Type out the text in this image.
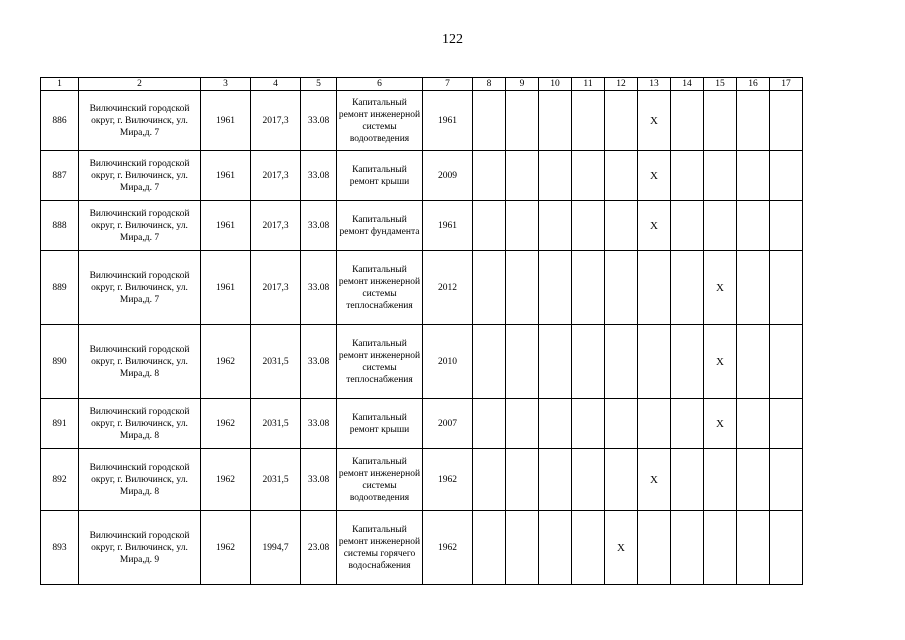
122
1	2	3	4	5	6	7	8	9	10	11	12	13	14	15	16	17
886	Вилючинский городской округ, г. Вилючинск, ул. Мира,д. 7	1961	2017,3	33.08	Капитальный ремонт инженерной системы водоотведения	1961						X				
887	Вилючинский городской округ, г. Вилючинск, ул. Мира,д. 7	1961	2017,3	33.08	Капитальный ремонт крыши	2009						X				
888	Вилючинский городской округ, г. Вилючинск, ул. Мира,д. 7	1961	2017,3	33.08	Капитальный ремонт фундамента	1961						X				
889	Вилючинский городской округ, г. Вилючинск, ул. Мира,д. 7	1961	2017,3	33.08	Капитальный ремонт инженерной системы теплоснабжения	2012								X		
890	Вилючинский городской округ, г. Вилючинск, ул. Мира,д. 8	1962	2031,5	33.08	Капитальный ремонт инженерной системы теплоснабжения	2010								X		
891	Вилючинский городской округ, г. Вилючинск, ул. Мира,д. 8	1962	2031,5	33.08	Капитальный ремонт крыши	2007								X		
892	Вилючинский городской округ, г. Вилючинск, ул. Мира,д. 8	1962	2031,5	33.08	Капитальный ремонт инженерной системы водоотведения	1962						X				
893	Вилючинский городской округ, г. Вилючинск, ул. Мира,д. 9	1962	1994,7	23.08	Капитальный ремонт инженерной системы горячего водоснабжения	1962					X					
